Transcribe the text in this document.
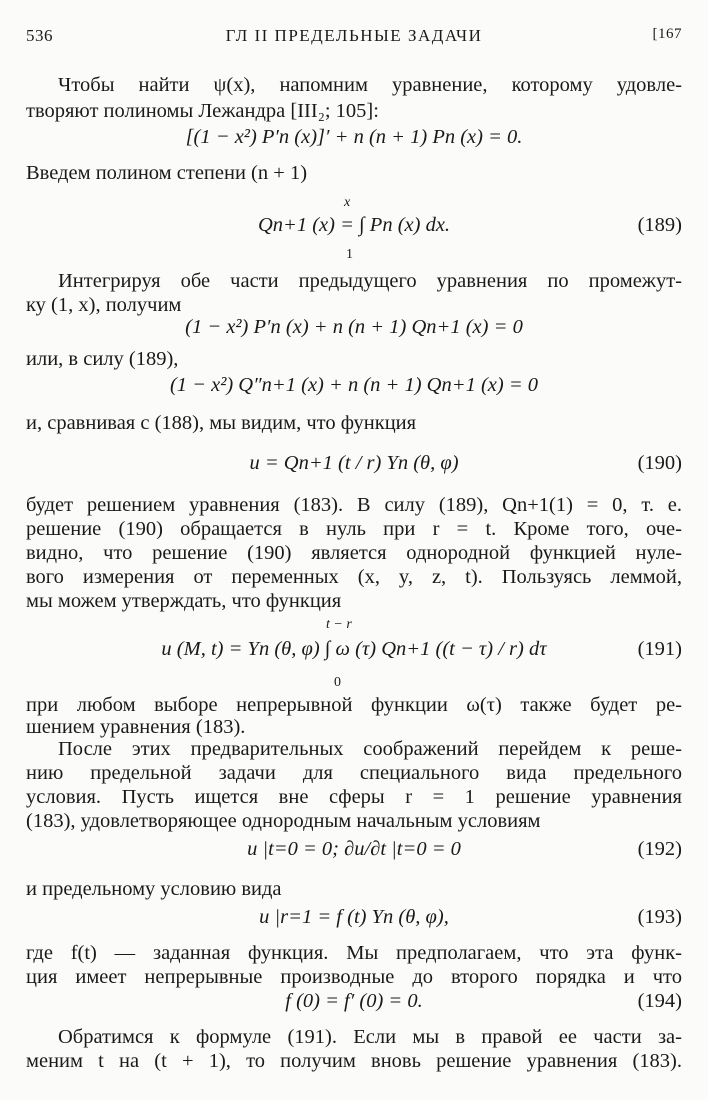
536	ГЛ II ПРЕДЕЛЬНЫЕ ЗАДАЧИ	[167
Чтобы найти ψ(x), напомним уравнение, которому удовле-
творяют полиномы Лежандра [III₂; 105]:
[(1 − x²) P′n (x)]′ + n (n + 1) Pn (x) = 0.
Введем полином степени (n + 1)
x
Qn+1 (x) = ∫ Pn (x) dx.
1
(189)
Интегрируя обе части предыдущего уравнения по промежут-
ку (1, x), получим
(1 − x²) P′n (x) + n (n + 1) Qn+1 (x) = 0
или, в силу (189),
(1 − x²) Q″n+1 (x) + n (n + 1) Qn+1 (x) = 0
и, сравнивая с (188), мы видим, что функция
u = Qn+1 (t / r) Yn (θ, φ)	(190)
будет решением уравнения (183). В силу (189), Qn+1(1) = 0, т. е.
решение (190) обращается в нуль при r = t. Кроме того, оче-
видно, что решение (190) является однородной функцией нуле-
вого измерения от переменных (x, y, z, t). Пользуясь леммой,
мы можем утверждать, что функция
t − r
u (M, t) = Yn (θ, φ) ∫ ω (τ) Qn+1 ((t − τ) / r) dτ
0
(191)
при любом выборе непрерывной функции ω(τ) также будет ре-
шением уравнения (183).
После этих предварительных соображений перейдем к реше-
нию предельной задачи для специального вида предельного
условия. Пусть ищется вне сферы r = 1 решение уравнения
(183), удовлетворяющее однородным начальным условиям
u |t=0 = 0; ∂u/∂t |t=0 = 0	(192)
и предельному условию вида
u |r=1 = f (t) Yn (θ, φ),	(193)
где f(t) — заданная функция. Мы предполагаем, что эта функ-
ция имеет непрерывные производные до второго порядка и что
f (0) = f′ (0) = 0.	(194)
Обратимся к формуле (191). Если мы в правой ее части за-
меним t на (t + 1), то получим вновь решение уравнения (183).
